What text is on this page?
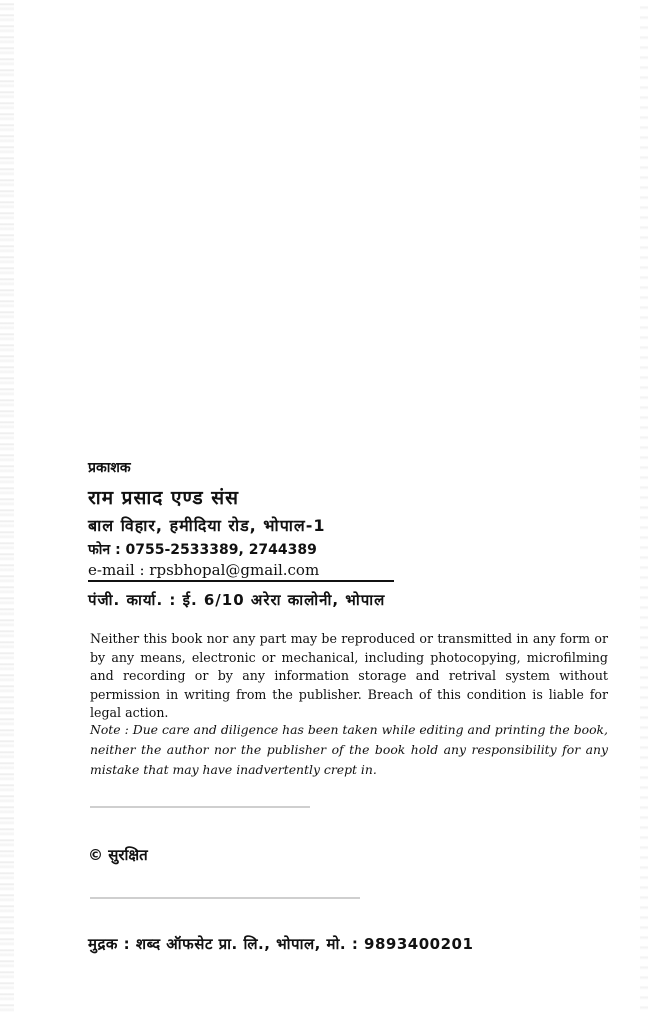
प्रकाशक
राम प्रसाद एण्ड संस
बाल विहार, हमीदिया रोड, भोपाल-1
फोन : 0755-2533389, 2744389
e-mail : rpsbhopal@gmail.com
पंजी. कार्या. : ई. 6/10 अरेरा कालोनी, भोपाल
Neither this book nor any part may be reproduced or transmitted in any form or by any means, electronic or mechanical, including photocopying, microfilming and recording or by any information storage and retrival system without permission in writing from the publisher. Breach of this condition is liable for legal action.
Note : Due care and diligence has been taken while editing and printing the book, neither the author nor the publisher of the book hold any responsibility for any mistake that may have inadvertently crept in.
© सुरक्षित
मुद्रक : शब्द ऑफसेट प्रा. लि., भोपाल, मो. : 9893400201
